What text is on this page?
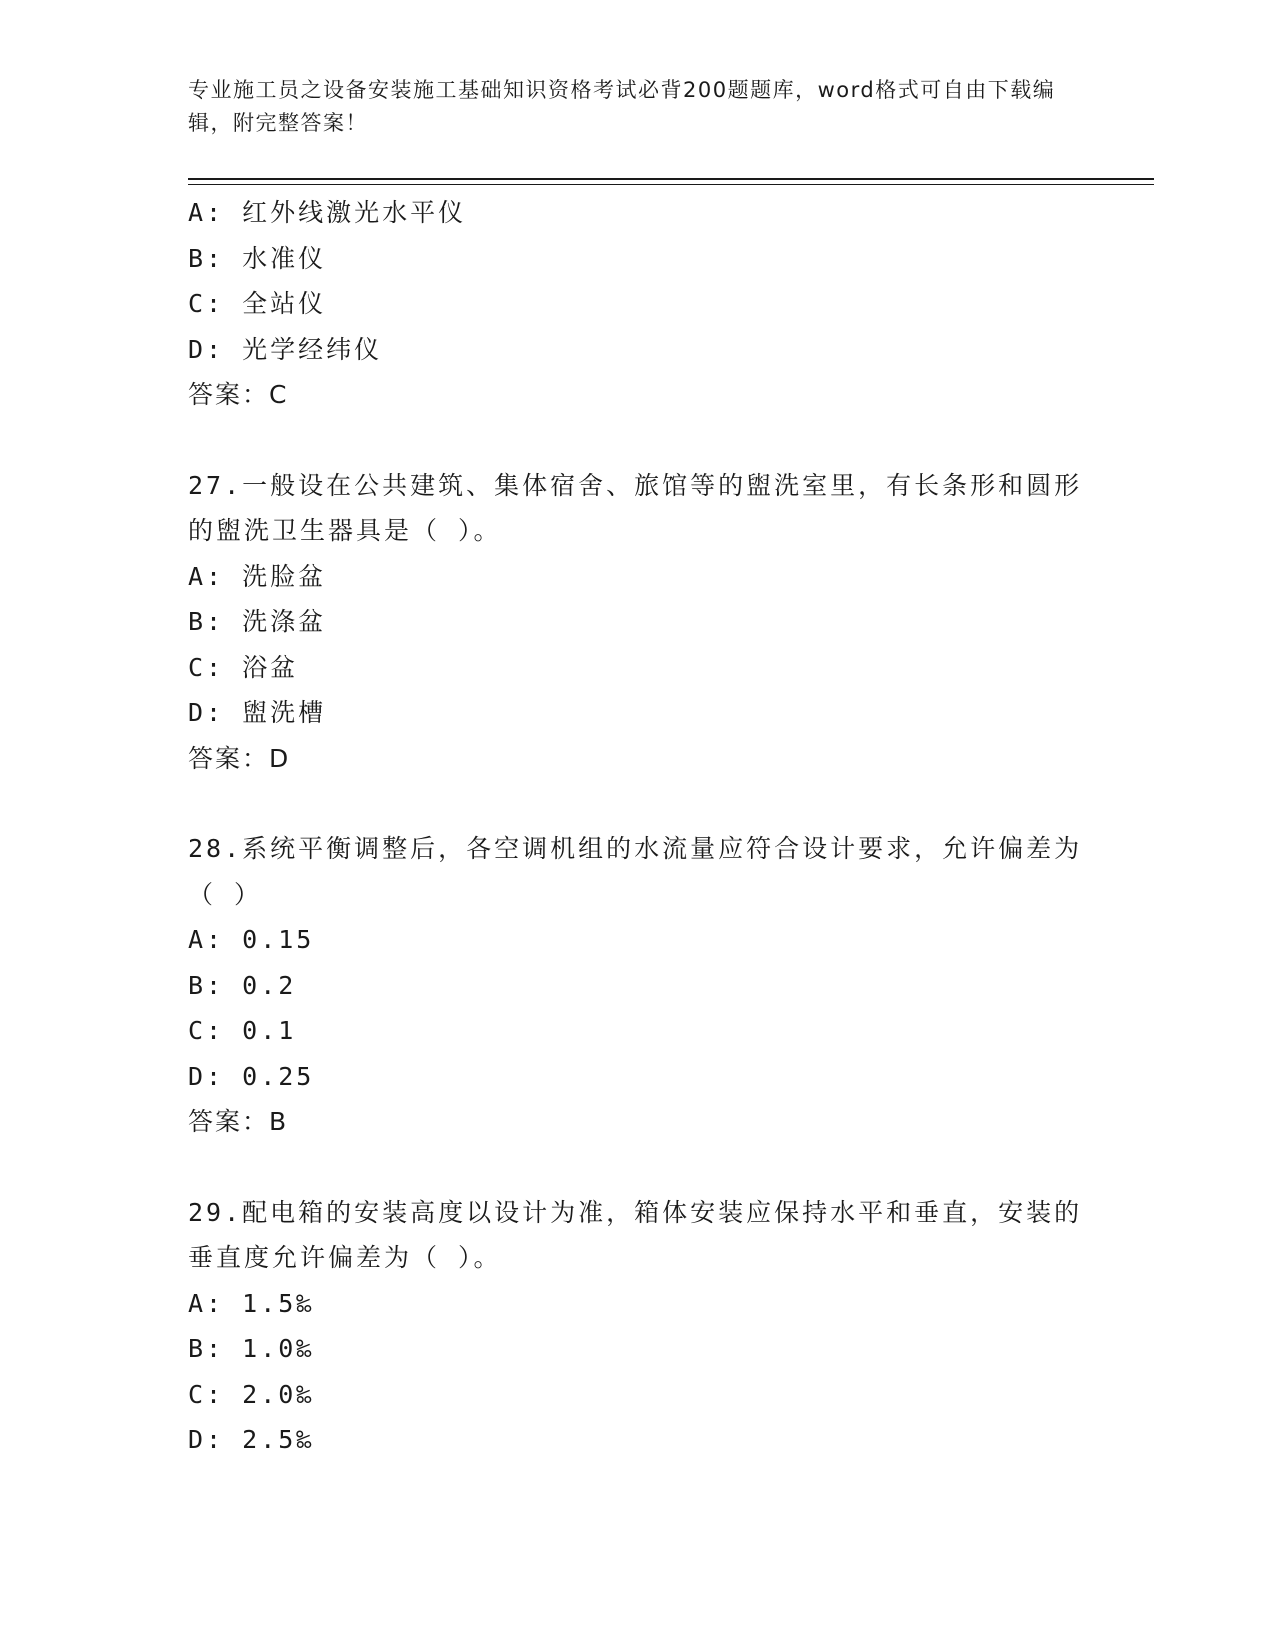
专业施工员之设备安装施工基础知识资格考试必背200题题库，word格式可自由下载编辑，附完整答案！
A: 红外线激光水平仪
B: 水准仪
C: 全站仪
D: 光学经纬仪
答案：C
27.一般设在公共建筑、集体宿舍、旅馆等的盥洗室里，有长条形和圆形的盥洗卫生器具是（ ）。
A: 洗脸盆
B: 洗涤盆
C: 浴盆
D: 盥洗槽
答案：D
28.系统平衡调整后，各空调机组的水流量应符合设计要求，允许偏差为（ ）
A: 0.15
B: 0.2
C: 0.1
D: 0.25
答案：B
29.配电箱的安装高度以设计为准，箱体安装应保持水平和垂直，安装的垂直度允许偏差为（ ）。
A: 1.5‰
B: 1.0‰
C: 2.0‰
D: 2.5‰
